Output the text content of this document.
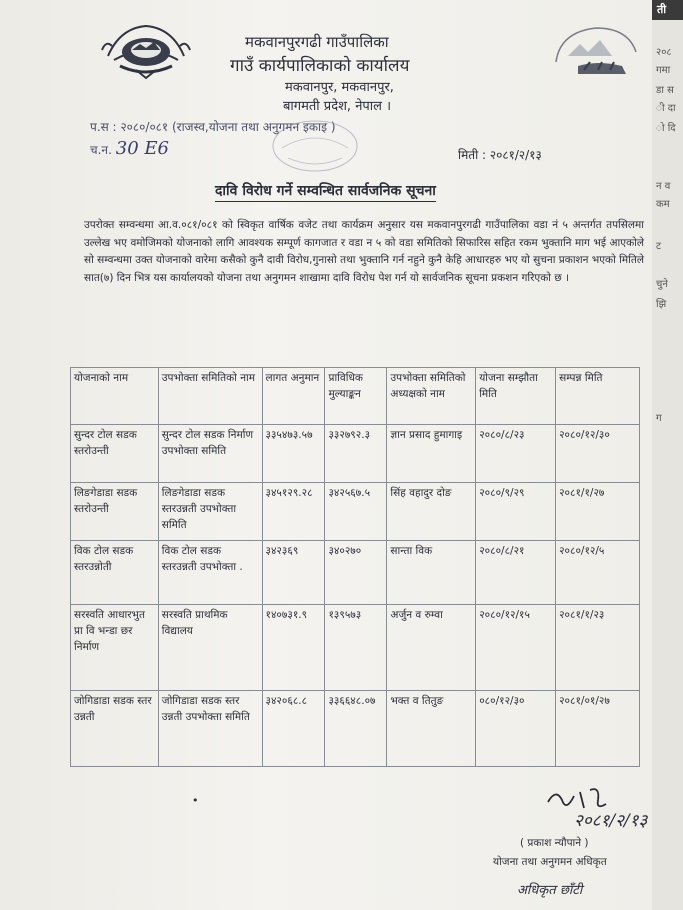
मकवानपुरगढी गाउँपालिका
गाउँ कार्यपालिकाको कार्यालय
मकवानपुर, मकवानपुर,
बागमती प्रदेश, नेपाल ।
प.स : २०८०/०८१ (राजस्व,योजना तथा अनुगमन इकाइ )
च.न. 30 E6	मिती : २०८१/२/१३
दावि विरोध गर्ने सम्वन्धित सार्वजनिक सूचना
उपरोक्त सम्वन्धमा आ.व.०८१/०८१ को स्विकृत वार्षिक वजेट तथा कार्यक्रम अनुसार यस मकवानपुरगढी गाउँपालिका वडा नं ५ अन्तर्गत तपसिलमा उल्लेख भए वमोजिमको योजनाको लागि आवश्यक सम्पूर्ण कागजात र वडा न ५ को वडा समितिको सिफारिस सहित रकम भुक्तानि माग भई आएकोले सो सम्वन्धमा उक्त योजनाको वारेमा कसैको कुनै दावी विरोध,गुनासो तथा भुक्तानि गर्न नहुने कुनै केहि आधारहरु भए यो सुचना प्रकाशन भएको मितिले सात(७) दिन भित्र यस कार्यालयको योजना तथा अनुगमन शाखामा दावि विरोध पेश गर्न यो सार्वजनिक सूचना प्रकशन गरिएको छ ।
योजनाको नाम	उपभोक्ता समितिको नाम	लागत अनुमान	प्राविधिक मुल्याङ्कन	उपभोक्ता समितिको अध्यक्षको नाम	योजना सम्झौता मिति	सम्पन्न मिति
सुन्दर टोल सडक स्तरोउन्ती	सुन्दर टोल सडक निर्माण उपभोक्ता समिति	३३५४७३.५७	३३२७९२.३	ज्ञान प्रसाद हुमागाइ	२०८०/८/२३	२०८०/१२/३०
लिङगेडाडा सडक स्तरोउन्ती	लिङगेडाडा सडक स्तरउन्नती उपभोक्ता समिति	३४५१२९.२८	३४२५६७.५	सिंह वहादुर दोङ	२०८०/९/२९	२०८१/१/२७
विक टोल सडक स्तरउन्नोती	विक टोल सडक स्तरउन्नती उपभोक्ता .	३४२३६९	३४०२७०	सान्ता विक	२०८०/८/२१	२०८०/१२/५
सरस्वति आधारभुत प्रा वि भन्डा छर निर्माण	सरस्वति प्राथमिक विद्यालय	१४०७३१.९	१३९५७३	अर्जुन व रुम्वा	२०८०/१२/१५	२०८१/१/२३
जोगिडाडा सडक स्तर उन्नती	जोगिडाडा सडक स्तर उन्नती उपभोक्ता समिति	३४२०६८.८	३३६६४८.०७	भक्त व तितुङ	०८०/१२/३०	२०८१/०१/२७
•
२०८१/२/१३
( प्रकाश न्यौपाने )
योजना तथा अनुगमन अधिकृत
अधिकृत छाँटी
ती
२०८
गमा
डा स
ी दा
ो दि
न व
कम
ट
चुने
झि
ग
